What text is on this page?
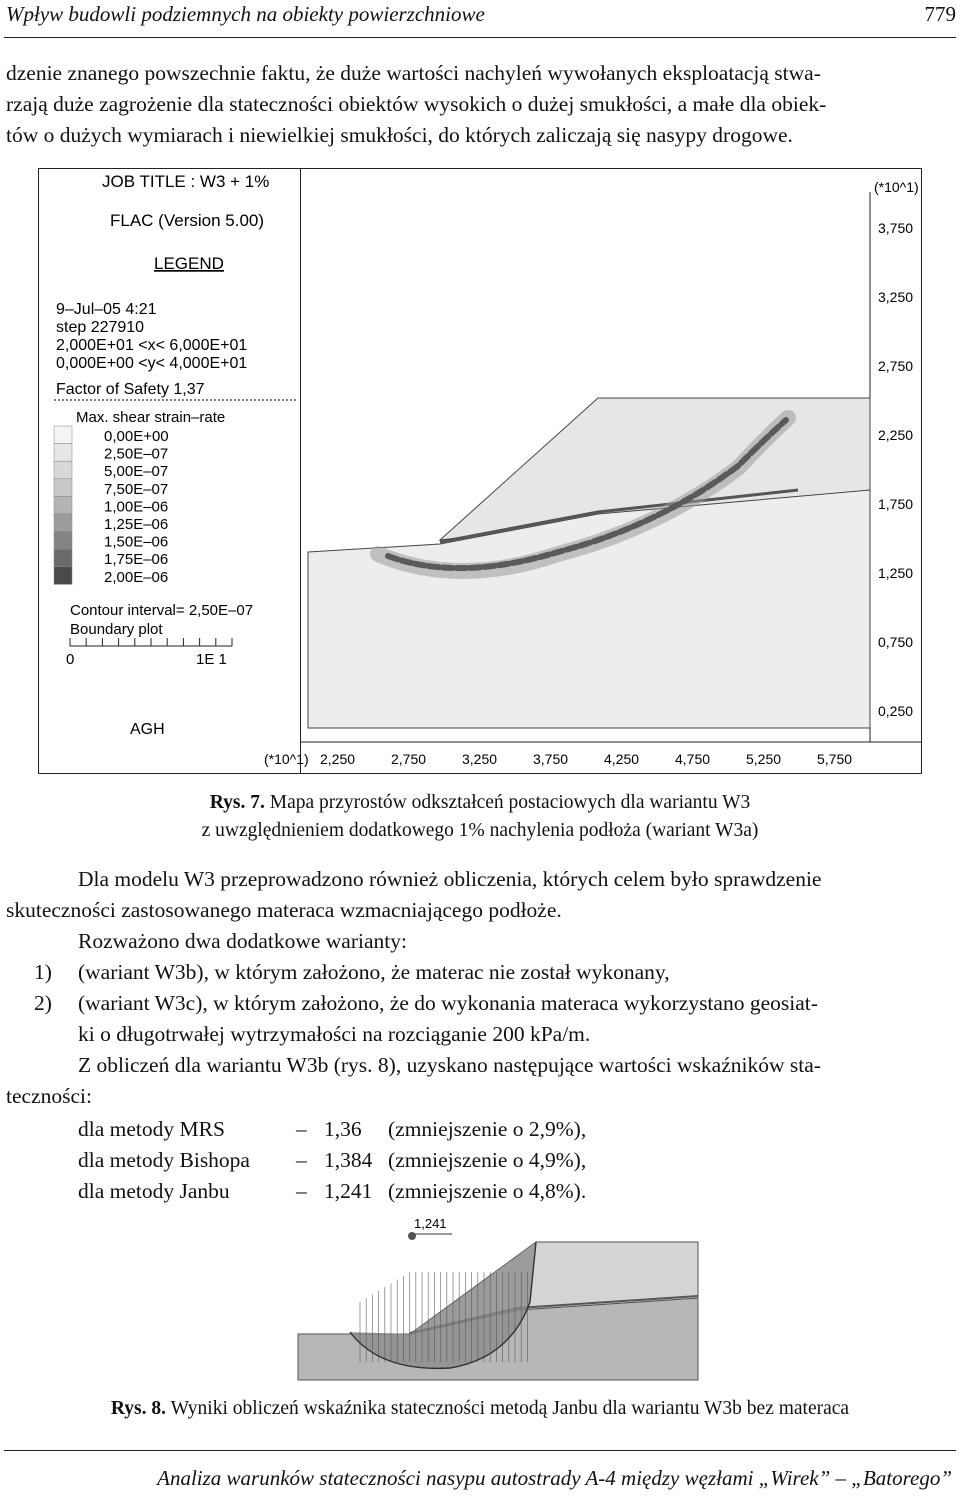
Wpływ budowli podziemnych na obiekty powierzchniowe	779
dzenie znanego powszechnie faktu, że duże wartości nachyleń wywołanych eksploatacją stwa-
rzają duże zagrożenie dla stateczności obiektów wysokich o dużej smukłości, a małe dla obiek-
tów o dużych wymiarach i niewielkiej smukłości, do których zaliczają się nasypy drogowe.
JOB TITLE : W3 + 1%
FLAC (Version 5.00)
LEGEND
9–Jul–05 4:21
step 227910
2,000E+01 <x< 6,000E+01
0,000E+00 <y< 4,000E+01
Factor of Safety 1,37
Max. shear strain–rate
0,00E+00
2,50E–07
5,00E–07
7,50E–07
1,00E–06
1,25E–06
1,50E–06
1,75E–06
2,00E–06
Contour interval= 2,50E–07
Boundary plot
0	1E 1
AGH
(*10^1)
3,750
3,250
2,750
2,250
1,750
1,250
0,750
0,250
(*10^1) 2,250	2,750	3,250	3,750	4,250	4,750	5,250	5,750
Rys. 7. Mapa przyrostów odkształceń postaciowych dla wariantu W3
z uwzględnieniem dodatkowego 1% nachylenia podłoża (wariant W3a)
Dla modelu W3 przeprowadzono również obliczenia, których celem było sprawdzenie
skuteczności zastosowanego materaca wzmacniającego podłoże.
Rozważono dwa dodatkowe warianty:
1) (wariant W3b), w którym założono, że materac nie został wykonany,
2) (wariant W3c), w którym założono, że do wykonania materaca wykorzystano geosiat-
ki o długotrwałej wytrzymałości na rozciąganie 200 kPa/m.
Z obliczeń dla wariantu W3b (rys. 8), uzyskano następujące wartości wskaźników sta-
teczności:
dla metody MRS	– 1,36 (zmniejszenie o 2,9%),
dla metody Bishopa – 1,384 (zmniejszenie o 4,9%),
dla metody Janbu	– 1,241 (zmniejszenie o 4,8%).
1,241
Rys. 8. Wyniki obliczeń wskaźnika stateczności metodą Janbu dla wariantu W3b bez materaca
Analiza warunków stateczności nasypu autostrady A-4 między węzłami „Wirek” – „Batorego”
